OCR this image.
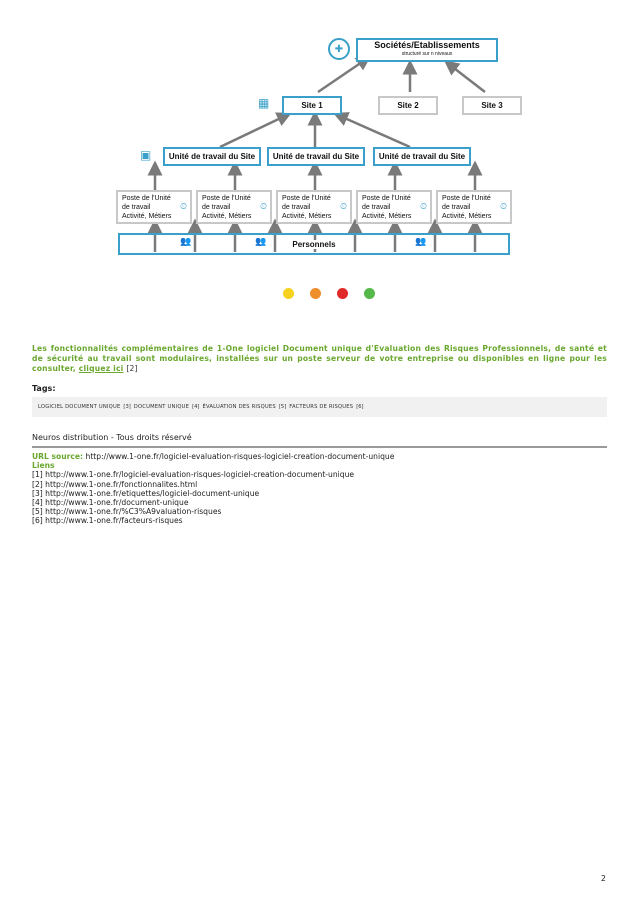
✚	Sociétés/Etablissements
structuré sur n niveaux
▦	Site 1	Site 2	Site 3
▣	Unité de travail du Site	Unité de travail du Site	Unité de travail du Site
Poste de l'Unité
de travail
Activité, Métiers
⏲
Poste de l'Unité
de travail
Activité, Métiers
⏲
Poste de l'Unité
de travail
Activité, Métiers
⏲
Poste de l'Unité
de travail
Activité, Métiers
⏲
Poste de l'Unité
de travail
Activité, Métiers
⏲
Personnels
👥	👥	👥
Les fonctionnalités complémentaires de 1-One logiciel Document unique d'Evaluation des Risques Professionnels, de santé et de sécurité au travail sont modulaires, installées sur un poste serveur de votre entreprise ou disponibles en ligne pour les consulter, cliquez ici [2]
Tags:
LOGICIEL DOCUMENT UNIQUE [3] DOCUMENT UNIQUE [4] ÉVALUATION DES RISQUES [5] FACTEURS DE RISQUES [6]
Neuros distribution - Tous droits réservé
URL source: http://www.1-one.fr/logiciel-evaluation-risques-logiciel-creation-document-unique
Liens
[1] http://www.1-one.fr/logiciel-evaluation-risques-logiciel-creation-document-unique
[2] http://www.1-one.fr/fonctionnalites.html
[3] http://www.1-one.fr/etiquettes/logiciel-document-unique
[4] http://www.1-one.fr/document-unique
[5] http://www.1-one.fr/%C3%A9valuation-risques
[6] http://www.1-one.fr/facteurs-risques
2
